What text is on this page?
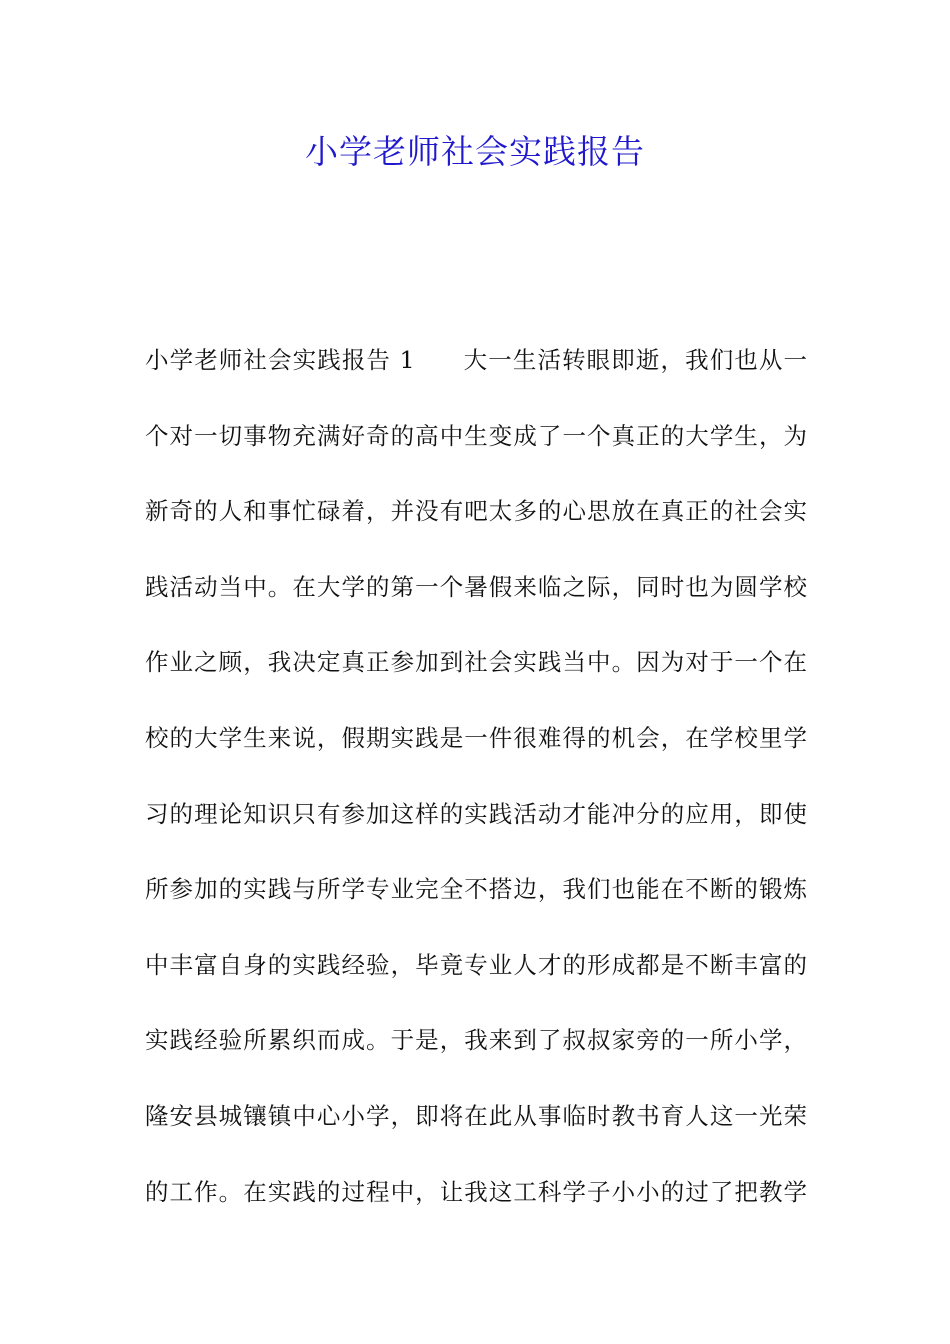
小学老师社会实践报告
小学老师社会实践报告 1 大一生活转眼即逝，我们也从一
个对一切事物充满好奇的高中生变成了一个真正的大学生，为
新奇的人和事忙碌着，并没有吧太多的心思放在真正的社会实
践活动当中。在大学的第一个暑假来临之际，同时也为圆学校
作业之顾，我决定真正参加到社会实践当中。因为对于一个在
校的大学生来说，假期实践是一件很难得的机会，在学校里学
习的理论知识只有参加这样的实践活动才能冲分的应用，即使
所参加的实践与所学专业完全不搭边，我们也能在不断的锻炼
中丰富自身的实践经验，毕竟专业人才的形成都是不断丰富的
实践经验所累织而成。于是，我来到了叔叔家旁的一所小学，
隆安县城镶镇中心小学，即将在此从事临时教书育人这一光荣
的工作。在实践的过程中，让我这工科学子小小的过了把教学
